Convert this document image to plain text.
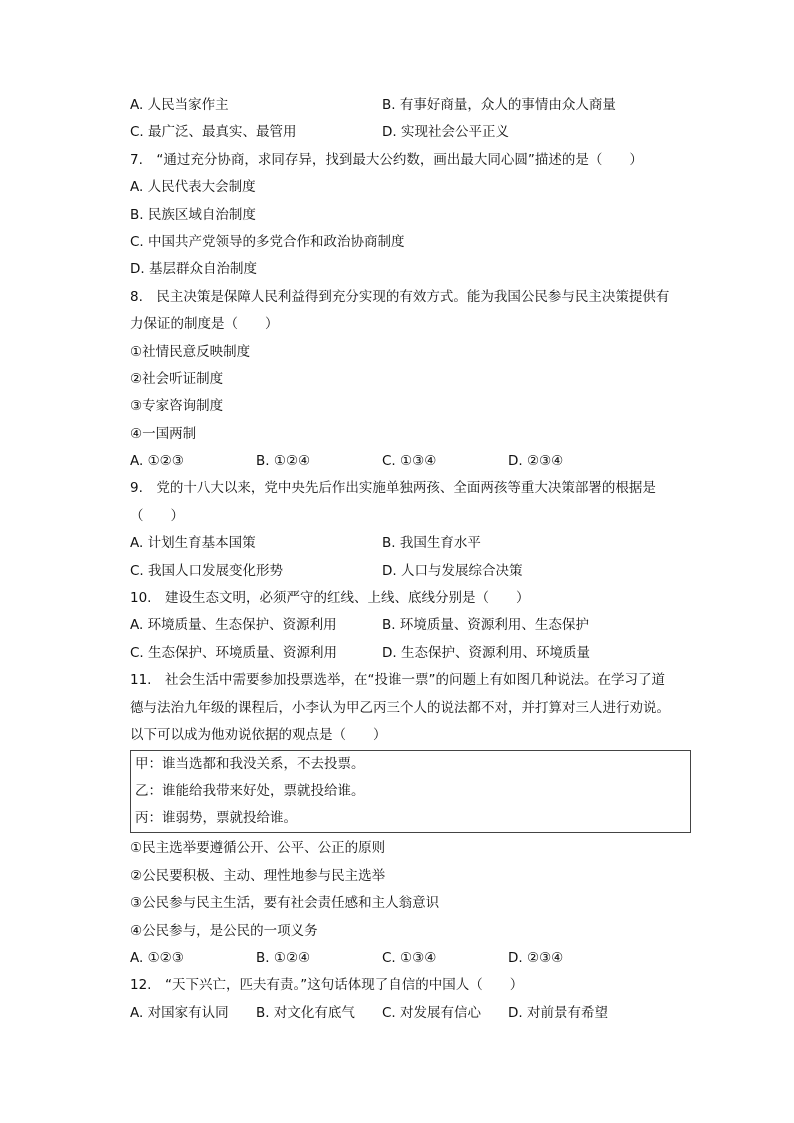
A. 人民当家作主	B. 有事好商量，众人的事情由众人商量
C. 最广泛、最真实、最管用	D. 实现社会公平正义
7.　“通过充分协商，求同存异，找到最大公约数，画出最大同心圆”描述的是（　　）
A. 人民代表大会制度
B. 民族区域自治制度
C. 中国共产党领导的多党合作和政治协商制度
D. 基层群众自治制度
8.　民主决策是保障人民利益得到充分实现的有效方式。能为我国公民参与民主决策提供有
力保证的制度是（　　）
①社情民意反映制度
②社会听证制度
③专家咨询制度
④一国两制
A. ①②③	B. ①②④	C. ①③④	D. ②③④
9.　党的十八大以来，党中央先后作出实施单独两孩、全面两孩等重大决策部署的根据是
（　　）
A. 计划生育基本国策	B. 我国生育水平
C. 我国人口发展变化形势	D. 人口与发展综合决策
10.　建设生态文明，必须严守的红线、上线、底线分别是（　　）
A. 环境质量、生态保护、资源利用	B. 环境质量、资源利用、生态保护
C. 生态保护、环境质量、资源利用	D. 生态保护、资源利用、环境质量
11.　社会生活中需要参加投票选举，在“投谁一票”的问题上有如图几种说法。在学习了道
德与法治九年级的课程后，小李认为甲乙丙三个人的说法都不对，并打算对三人进行劝说。
以下可以成为他劝说依据的观点是（　　）
甲：谁当选都和我没关系，不去投票。
乙：谁能给我带来好处，票就投给谁。
丙：谁弱势，票就投给谁。
①民主选举要遵循公开、公平、公正的原则
②公民要积极、主动、理性地参与民主选举
③公民参与民主生活，要有社会责任感和主人翁意识
④公民参与，是公民的一项义务
A. ①②③	B. ①②④	C. ①③④	D. ②③④
12.　“天下兴亡，匹夫有责。”这句话体现了自信的中国人（　　）
A. 对国家有认同 B. 对文化有底气 C. 对发展有信心 D. 对前景有希望
